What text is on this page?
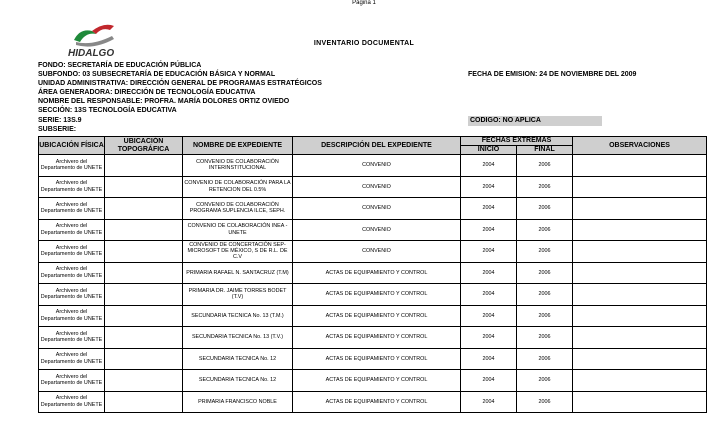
Página 1
HIDALGO
INVENTARIO DOCUMENTAL
FONDO: SECRETARÍA DE EDUCACIÓN PÚBLICA
SUBFONDO: 03 SUBSECRETARÍA DE EDUCACIÓN BÁSICA Y NORMAL	FECHA DE EMISION: 24 DE NOVIEMBRE DEL 2009
UNIDAD ADMINISTRATIVA: DIRECCIÓN GENERAL DE PROGRAMAS ESTRATÉGICOS
ÁREA GENERADORA: DIRECCIÓN DE TECNOLOGÍA EDUCATIVA
NOMBRE DEL RESPONSABLE: PROFRA. MARÍA DOLORES ORTIZ OVIEDO
SECCIÓN: 13S TECNOLOGÍA EDUCATIVA
SERIE: 13S.9	CODIGO: NO APLICA
SUBSERIE:
UBICACIÓN FÍSICA	UBICACIÓN TOPOGRÁFICA	NOMBRE DE EXPEDIENTE	DESCRIPCIÓN DEL EXPEDIENTE	FECHAS EXTREMAS		OBSERVACIONES
				INICIO	FINAL	
Archivero del Departamento de UNETE		CONVENIO DE COLABORACIÓN INTERINSTITUCIONAL	CONVENIO	2004	2006	
Archivero del Departamento de UNETE		CONVENIO DE COLABORACIÓN PARA LA RETENCION DEL 0.5%	CONVENIO	2004	2006	
Archivero del Departamento de UNETE		CONVENIO DE COLABORACIÓN PROGRAMA SUPLENCIA ILCE, SEPH.	CONVENIO	2004	2006	
Archivero del Departamento de UNETE		CONVENIO DE COLABORACIÓN INEA -UNETE	CONVENIO	2004	2006	
Archivero del Departamento de UNETE		CONVENIO DE CONCERTACIÓN SEP-MICROSOFT DE MÉXICO, S DE R.L. DE C.V	CONVENIO	2004	2006	
Archivero del Departamento de UNETE		PRIMARIA RAFAEL N. SANTACRUZ (T.M)	ACTAS DE EQUIPAMIENTO Y CONTROL	2004	2006	
Archivero del Departamento de UNETE		PRIMARIA DR. JAIME TORRES BODET (T.V)	ACTAS DE EQUIPAMIENTO Y CONTROL	2004	2006	
Archivero del Departamento de UNETE		SECUNDARIA TECNICA No. 13 (T.M.)	ACTAS DE EQUIPAMIENTO Y CONTROL	2004	2006	
Archivero del Departamento de UNETE		SECUNDARIA TECNICA No. 13 (T.V.)	ACTAS DE EQUIPAMIENTO Y CONTROL	2004	2006	
Archivero del Departamento de UNETE		SECUNDARIA TECNICA No. 12	ACTAS DE EQUIPAMIENTO Y CONTROL	2004	2006	
Archivero del Departamento de UNETE		SECUNDARIA TECNICA No. 12	ACTAS DE EQUIPAMIENTO Y CONTROL	2004	2006	
Archivero del Departamento de UNETE		PRIMARIA FRANCISCO NOBLE	ACTAS DE EQUIPAMIENTO Y CONTROL	2004	2006	
